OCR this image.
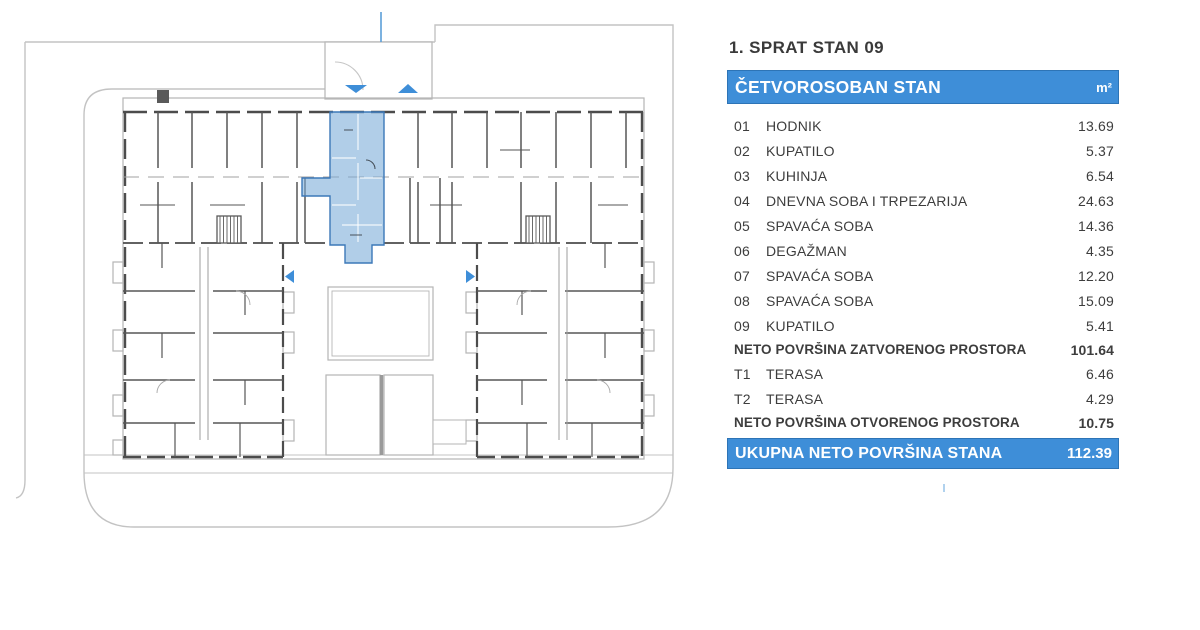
1. SPRAT STAN 09
ČETVOROSOBAN STAN	m²
01	HODNIK	13.69
02	KUPATILO	5.37
03	KUHINJA	6.54
04	DNEVNA SOBA I TRPEZARIJA	24.63
05	SPAVAĆA SOBA	14.36
06	DEGAŽMAN	4.35
07	SPAVAĆA SOBA	12.20
08	SPAVAĆA SOBA	15.09
09	KUPATILO	5.41
NETO POVRŠINA ZATVORENOG PROSTORA	101.64
T1	TERASA	6.46
T2	TERASA	4.29
NETO POVRŠINA OTVORENOG PROSTORA	10.75
UKUPNA NETO POVRŠINA STANA	112.39
